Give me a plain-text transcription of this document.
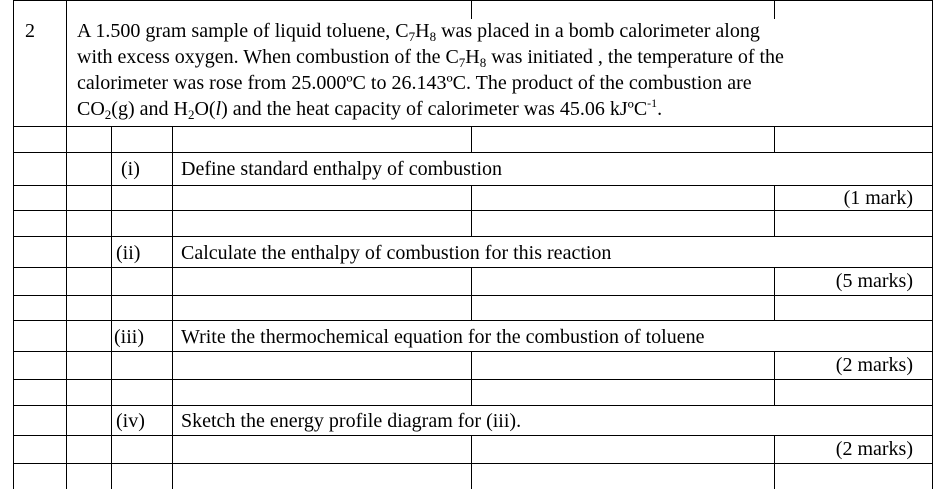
2 A 1.500 gram sample of liquid toluene, $C_7H_8$ was placed in a bomb calorimeter along
with excess oxygen. When combustion of the $C_7H_8$ was initiated , the temperature of the
calorimeter was rose from 25.000ºC to 26.143ºC. The product of the combustion are
$CO_2(g)$ and $H_2O(l)$ and the heat capacity of calorimeter was 45.06 kJºC$^{-1}$.
(i) Define standard enthalpy of combustion
(1 mark)
(ii) Calculate the enthalpy of combustion for this reaction
(5 marks)
(iii) Write the thermochemical equation for the combustion of toluene
(2 marks)
(iv) Sketch the energy profile diagram for (iii).
(2 marks)
